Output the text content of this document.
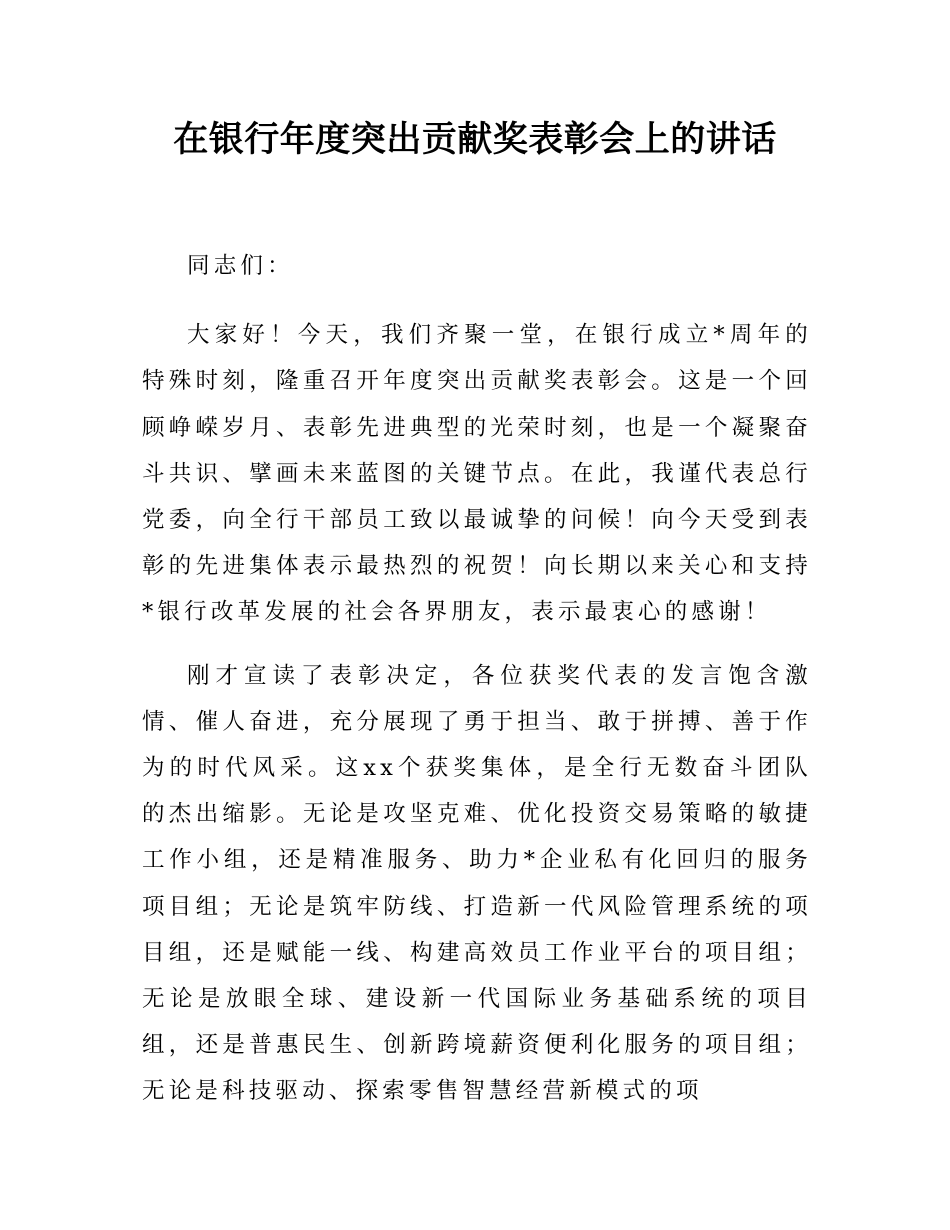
在银行年度突出贡献奖表彰会上的讲话

同志们：

大家好！今天，我们齐聚一堂，在银行成立*周年的特殊时刻，隆重召开年度突出贡献奖表彰会。这是一个回顾峥嵘岁月、表彰先进典型的光荣时刻，也是一个凝聚奋斗共识、擘画未来蓝图的关键节点。在此，我谨代表总行党委，向全行干部员工致以最诚挚的问候！向今天受到表彰的先进集体表示最热烈的祝贺！向长期以来关心和支持*银行改革发展的社会各界朋友，表示最衷心的感谢！

刚才宣读了表彰决定，各位获奖代表的发言饱含激情、催人奋进，充分展现了勇于担当、敢于拼搏、善于作为的时代风采。这xx个获奖集体，是全行无数奋斗团队的杰出缩影。无论是攻坚克难、优化投资交易策略的敏捷工作小组，还是精准服务、助力*企业私有化回归的服务项目组；无论是筑牢防线、打造新一代风险管理系统的项目组，还是赋能一线、构建高效员工作业平台的项目组；无论是放眼全球、建设新一代国际业务基础系统的项目组，还是普惠民生、创新跨境薪资便利化服务的项目组；无论是科技驱动、探索零售智慧经营新模式的项
